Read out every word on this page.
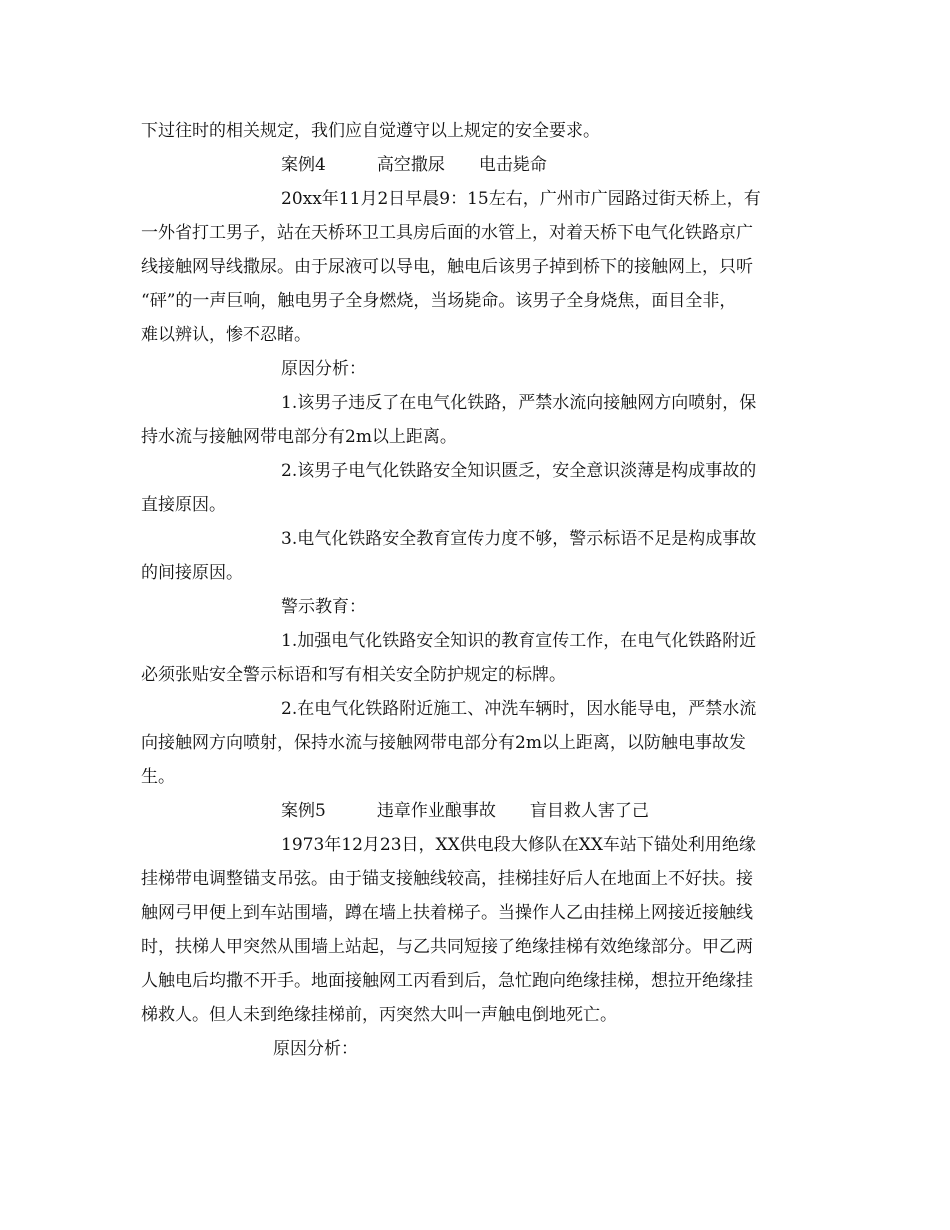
下过往时的相关规定，我们应自觉遵守以上规定的安全要求。
案例4　　　高空撒尿　　电击毙命
20xx年11月2日早晨9：15左右，广州市广园路过街天桥上，有
一外省打工男子，站在天桥环卫工具房后面的水管上，对着天桥下电气化铁路京广
线接触网导线撒尿。由于尿液可以导电，触电后该男子掉到桥下的接触网上，只听
“砰”的一声巨响，触电男子全身燃烧，当场毙命。该男子全身烧焦，面目全非，
难以辨认，惨不忍睹。
原因分析：
1.该男子违反了在电气化铁路，严禁水流向接触网方向喷射，保
持水流与接触网带电部分有2m以上距离。
2.该男子电气化铁路安全知识匮乏，安全意识淡薄是构成事故的
直接原因。
3.电气化铁路安全教育宣传力度不够，警示标语不足是构成事故
的间接原因。
警示教育：
1.加强电气化铁路安全知识的教育宣传工作，在电气化铁路附近
必须张贴安全警示标语和写有相关安全防护规定的标牌。
2.在电气化铁路附近施工、冲洗车辆时，因水能导电，严禁水流
向接触网方向喷射，保持水流与接触网带电部分有2m以上距离，以防触电事故发
生。
案例5　　　违章作业酿事故　　盲目救人害了己
1973年12月23日，XX供电段大修队在XX车站下锚处利用绝缘
挂梯带电调整锚支吊弦。由于锚支接触线较高，挂梯挂好后人在地面上不好扶。接
触网弓甲便上到车站围墙，蹲在墙上扶着梯子。当操作人乙由挂梯上网接近接触线
时，扶梯人甲突然从围墙上站起，与乙共同短接了绝缘挂梯有效绝缘部分。甲乙两
人触电后均撒不开手。地面接触网工丙看到后，急忙跑向绝缘挂梯，想拉开绝缘挂
梯救人。但人未到绝缘挂梯前，丙突然大叫一声触电倒地死亡。
原因分析：
